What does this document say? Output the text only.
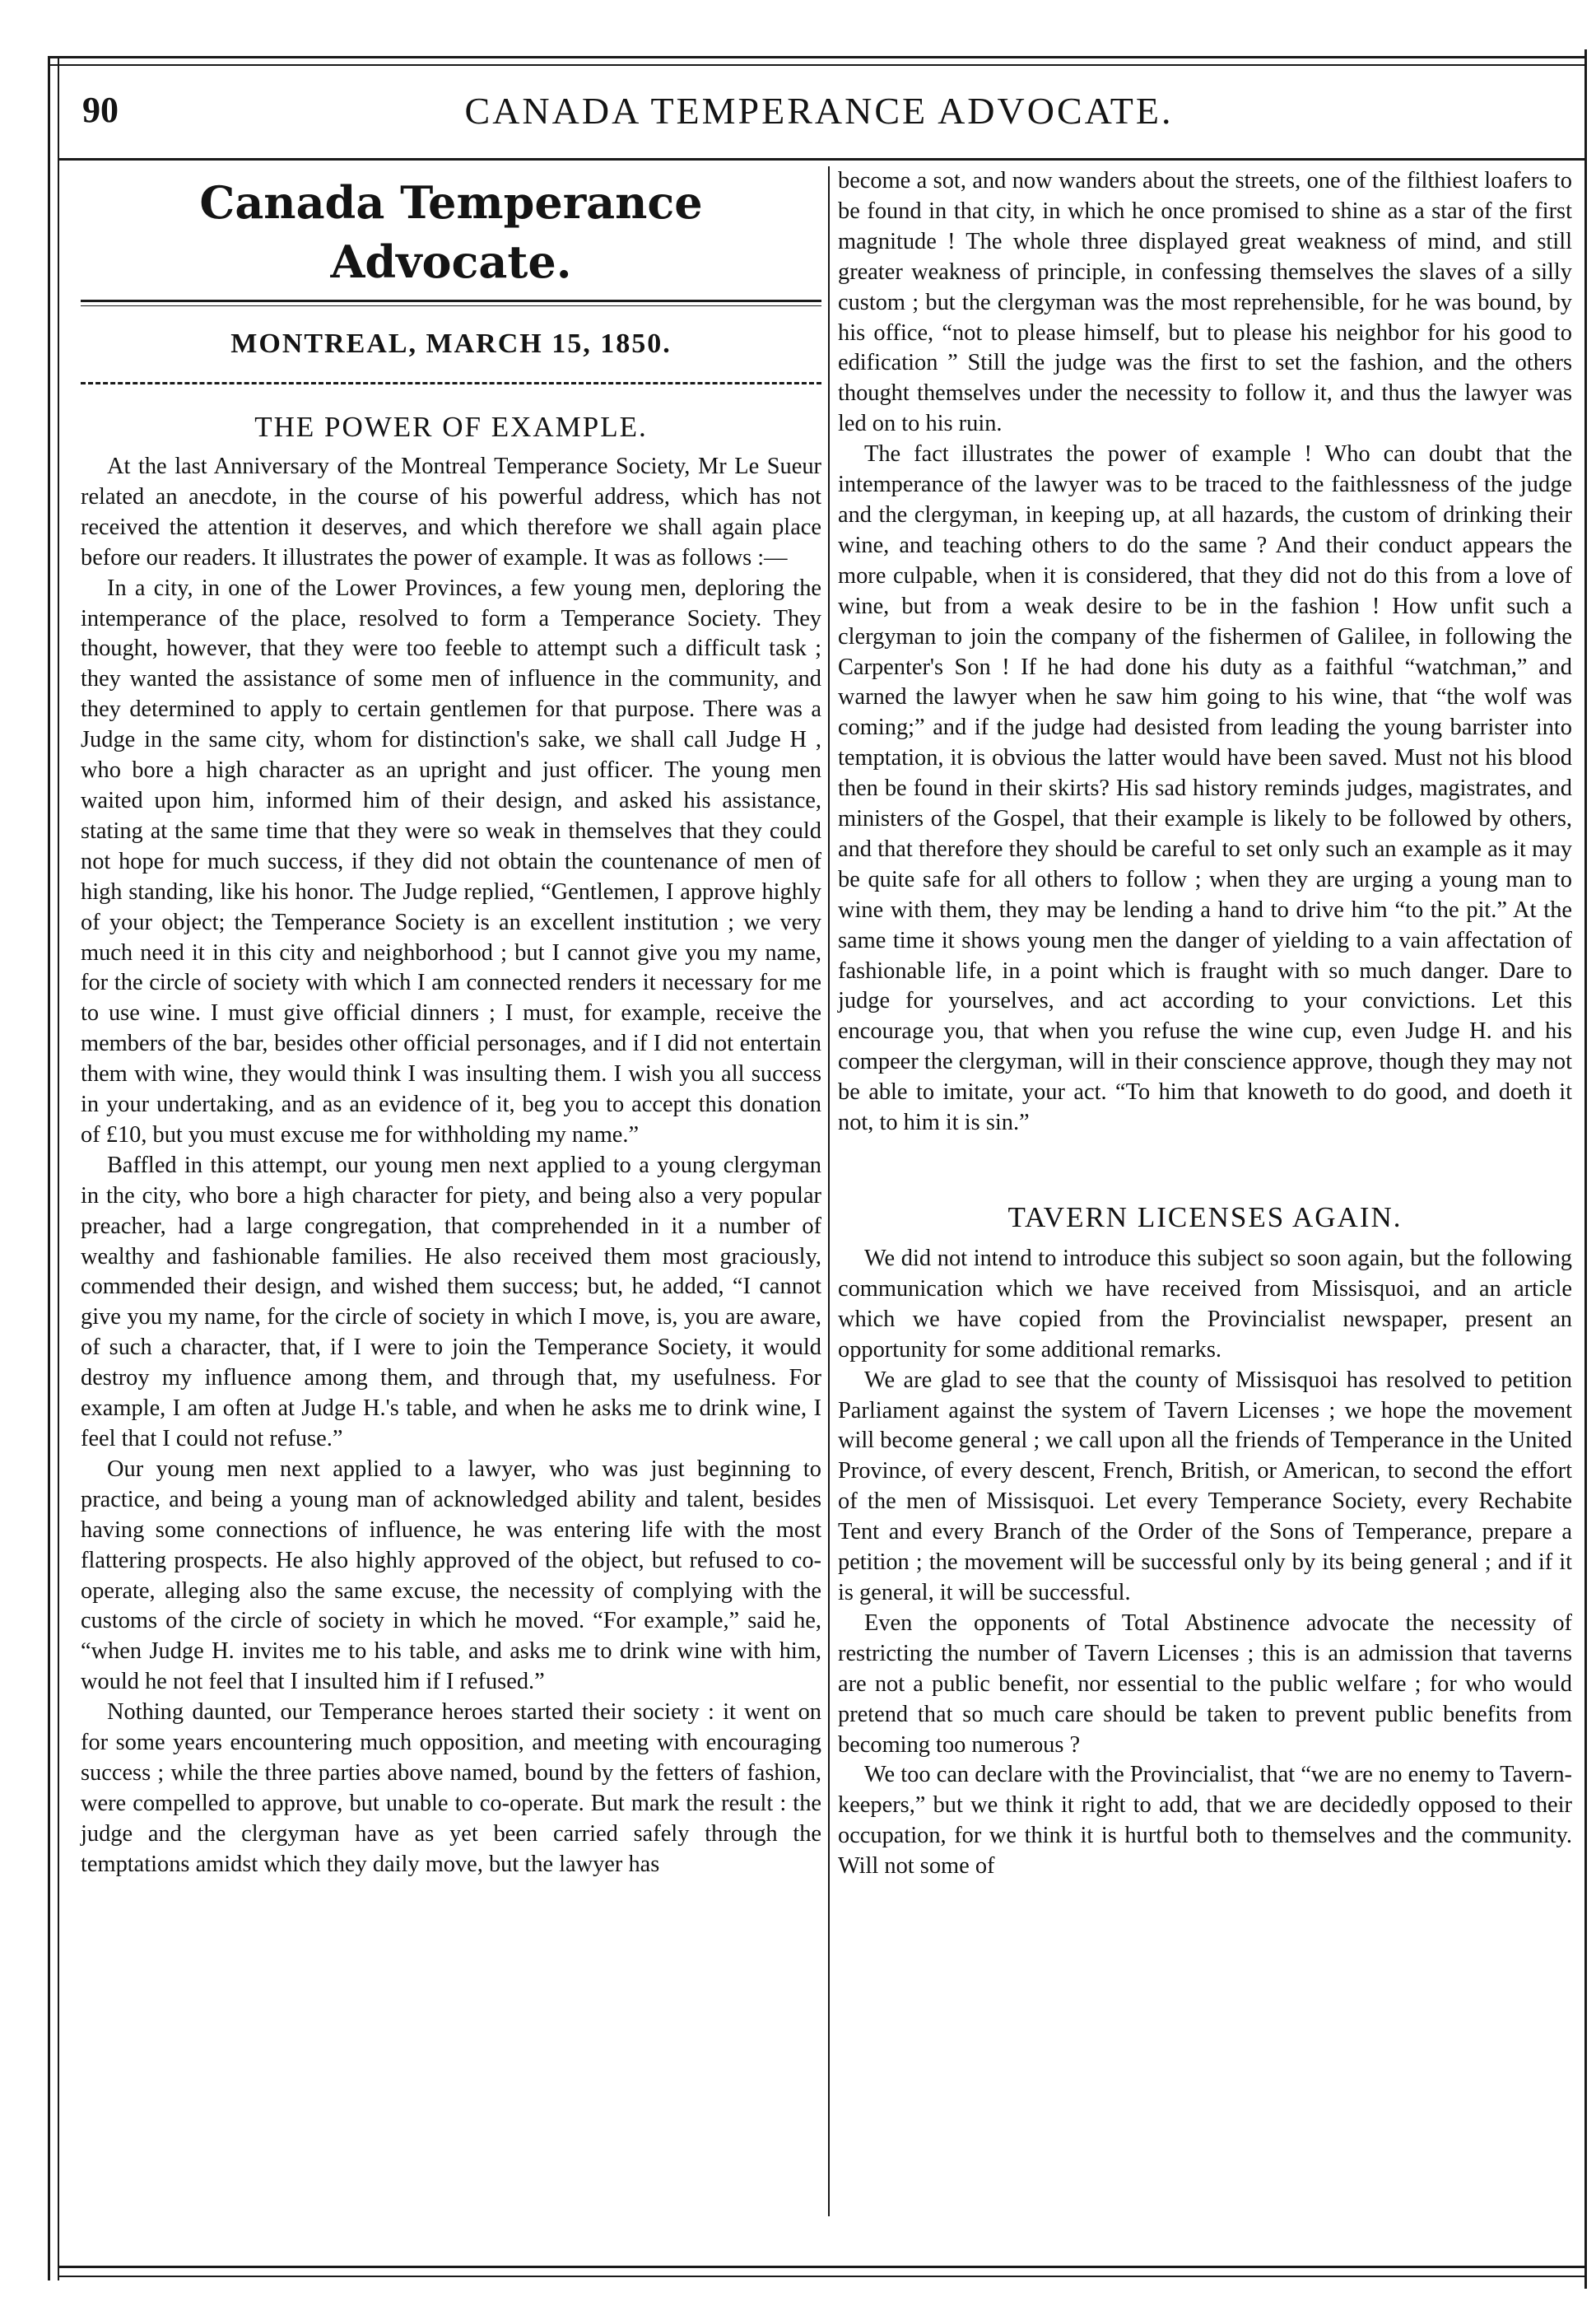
90	CANADA TEMPERANCE ADVOCATE.
Canada Temperance Advocate.
MONTREAL, MARCH 15, 1850.
THE POWER OF EXAMPLE.

At the last Anniversary of the Montreal Temperance Society, Mr Le Sueur related an anecdote, in the course of his powerful address, which has not received the attention it deserves, and which therefore we shall again place before our readers. It illustrates the power of example. It was as follows :—

In a city, in one of the Lower Provinces, a few young men, deploring the intemperance of the place, resolved to form a Temperance Society. They thought, however, that they were too feeble to attempt such a difficult task ; they wanted the assistance of some men of influence in the community, and they determined to apply to certain gentlemen for that purpose. There was a Judge in the same city, whom for distinction's sake, we shall call Judge H , who bore a high character as an upright and just officer. The young men waited upon him, informed him of their design, and asked his assistance, stating at the same time that they were so weak in themselves that they could not hope for much success, if they did not obtain the countenance of men of high standing, like his honor. The Judge replied, “Gentlemen, I approve highly of your object; the Temperance Society is an excellent institution ; we very much need it in this city and neighborhood ; but I cannot give you my name, for the circle of society with which I am connected renders it necessary for me to use wine. I must give official dinners ; I must, for example, receive the members of the bar, besides other official personages, and if I did not entertain them with wine, they would think I was insulting them. I wish you all success in your undertaking, and as an evidence of it, beg you to accept this donation of £10, but you must excuse me for withholding my name.”

Baffled in this attempt, our young men next applied to a young clergyman in the city, who bore a high character for piety, and being also a very popular preacher, had a large congregation, that comprehended in it a number of wealthy and fashionable families. He also received them most graciously, commended their design, and wished them success; but, he added, “I cannot give you my name, for the circle of society in which I move, is, you are aware, of such a character, that, if I were to join the Temperance Society, it would destroy my influence among them, and through that, my usefulness. For example, I am often at Judge H.'s table, and when he asks me to drink wine, I feel that I could not refuse.”

Our young men next applied to a lawyer, who was just beginning to practice, and being a young man of acknowledged ability and talent, besides having some connections of influence, he was entering life with the most flattering prospects. He also highly approved of the object, but refused to co-operate, alleging also the same excuse, the necessity of complying with the customs of the circle of society in which he moved. “For example,” said he, “when Judge H. invites me to his table, and asks me to drink wine with him, would he not feel that I insulted him if I refused.”

Nothing daunted, our Temperance heroes started their society : it went on for some years encountering much opposition, and meeting with encouraging success ; while the three parties above named, bound by the fetters of fashion, were compelled to approve, but unable to co-operate. But mark the result : the judge and the clergyman have as yet been carried safely through the temptations amidst which they daily move, but the lawyer has

become a sot, and now wanders about the streets, one of the filthiest loafers to be found in that city, in which he once promised to shine as a star of the first magnitude ! The whole three displayed great weakness of mind, and still greater weakness of principle, in confessing themselves the slaves of a silly custom ; but the clergyman was the most reprehensible, for he was bound, by his office, “not to please himself, but to please his neighbor for his good to edification ” Still the judge was the first to set the fashion, and the others thought themselves under the necessity to follow it, and thus the lawyer was led on to his ruin.

The fact illustrates the power of example ! Who can doubt that the intemperance of the lawyer was to be traced to the faithlessness of the judge and the clergyman, in keeping up, at all hazards, the custom of drinking their wine, and teaching others to do the same ? And their conduct appears the more culpable, when it is considered, that they did not do this from a love of wine, but from a weak desire to be in the fashion ! How unfit such a clergyman to join the company of the fishermen of Galilee, in following the Carpenter's Son ! If he had done his duty as a faithful “watchman,” and warned the lawyer when he saw him going to his wine, that “the wolf was coming;” and if the judge had desisted from leading the young barrister into temptation, it is obvious the latter would have been saved. Must not his blood then be found in their skirts? His sad history reminds judges, magistrates, and ministers of the Gospel, that their example is likely to be followed by others, and that therefore they should be careful to set only such an example as it may be quite safe for all others to follow ; when they are urging a young man to wine with them, they may be lending a hand to drive him “to the pit.” At the same time it shows young men the danger of yielding to a vain affectation of fashionable life, in a point which is fraught with so much danger. Dare to judge for yourselves, and act according to your convictions. Let this encourage you, that when you refuse the wine cup, even Judge H. and his compeer the clergyman, will in their conscience approve, though they may not be able to imitate, your act. “To him that knoweth to do good, and doeth it not, to him it is sin.”

TAVERN LICENSES AGAIN.

We did not intend to introduce this subject so soon again, but the following communication which we have received from Missisquoi, and an article which we have copied from the Provincialist newspaper, present an opportunity for some additional remarks.

We are glad to see that the county of Missisquoi has resolved to petition Parliament against the system of Tavern Licenses ; we hope the movement will become general ; we call upon all the friends of Temperance in the United Province, of every descent, French, British, or American, to second the effort of the men of Missisquoi. Let every Temperance Society, every Rechabite Tent and every Branch of the Order of the Sons of Temperance, prepare a petition ; the movement will be successful only by its being general ; and if it is general, it will be successful.

Even the opponents of Total Abstinence advocate the necessity of restricting the number of Tavern Licenses ; this is an admission that taverns are not a public benefit, nor essential to the public welfare ; for who would pretend that so much care should be taken to prevent public benefits from becoming too numerous ?

We too can declare with the Provincialist, that “we are no enemy to Tavern-keepers,” but we think it right to add, that we are decidedly opposed to their occupation, for we think it is hurtful both to themselves and the community. Will not some of
